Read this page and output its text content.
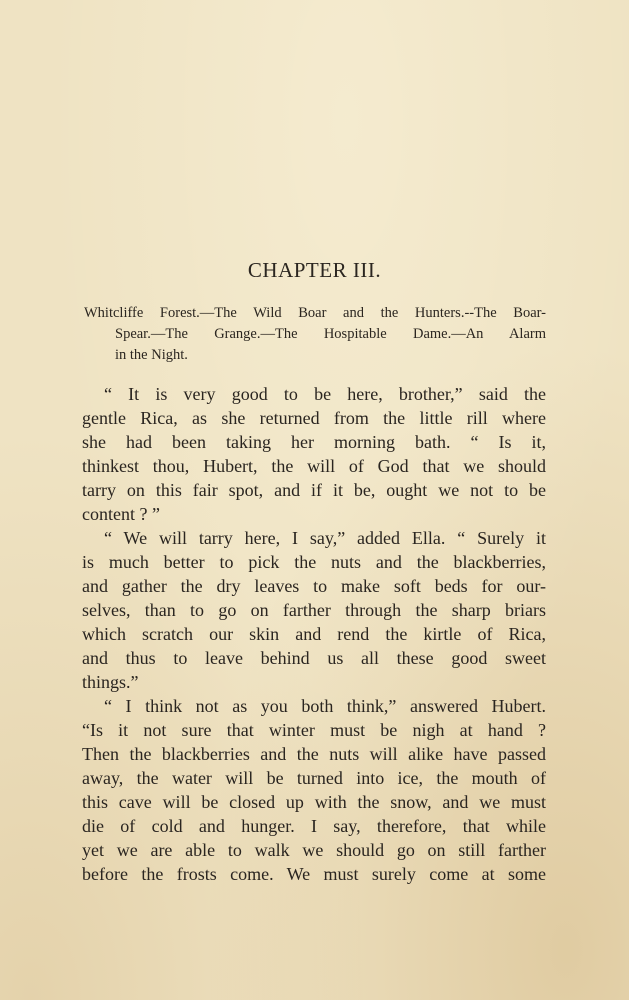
CHAPTER III.
Whitcliffe Forest.—The Wild Boar and the Hunters.--The Boar-
Spear.—The Grange.—The Hospitable Dame.—An Alarm
in the Night.
“ It is very good to be here, brother,” said the
gentle Rica, as she returned from the little rill where
she had been taking her morning bath. “ Is it,
thinkest thou, Hubert, the will of God that we should
tarry on this fair spot, and if it be, ought we not to be
content ? ”
“ We will tarry here, I say,” added Ella. “ Surely it
is much better to pick the nuts and the blackberries,
and gather the dry leaves to make soft beds for our-
selves, than to go on farther through the sharp briars
which scratch our skin and rend the kirtle of Rica,
and thus to leave behind us all these good sweet
things.”
“ I think not as you both think,” answered Hubert.
“Is it not sure that winter must be nigh at hand ?
Then the blackberries and the nuts will alike have passed
away, the water will be turned into ice, the mouth of
this cave will be closed up with the snow, and we must
die of cold and hunger. I say, therefore, that while
yet we are able to walk we should go on still farther
before the frosts come. We must surely come at some
